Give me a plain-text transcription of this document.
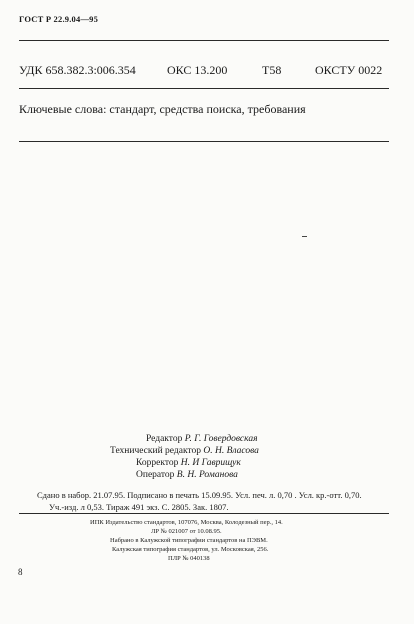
ГОСТ Р 22.9.04—95
УДК 658.382.3:006.354	ОКС 13.200	Т58	ОКСТУ 0022
Ключевые слова: стандарт, средства поиска, требования
Редактор Р. Г. Говердовская
Технический редактор О. Н. Власова
Корректор Н. И Гаврищук
Оператор В. Н. Романова
Сдано в набор. 21.07.95. Подписано в печать 15.09.95. Усл. печ. л. 0,70 . Усл. кр.-отт. 0,70.
Уч.-изд. л 0,53. Тираж 491 экз. С. 2805. Зак. 1807.
ИПК Издательство стандартов, 107076, Москва, Колодезный пер., 14.
ЛР № 021007 от 10.08.95.
Набрано в Калужской типографии стандартов на ПЭВМ.
Калужская типография стандартов, ул. Московская, 256.
ПЛР № 040138
8
